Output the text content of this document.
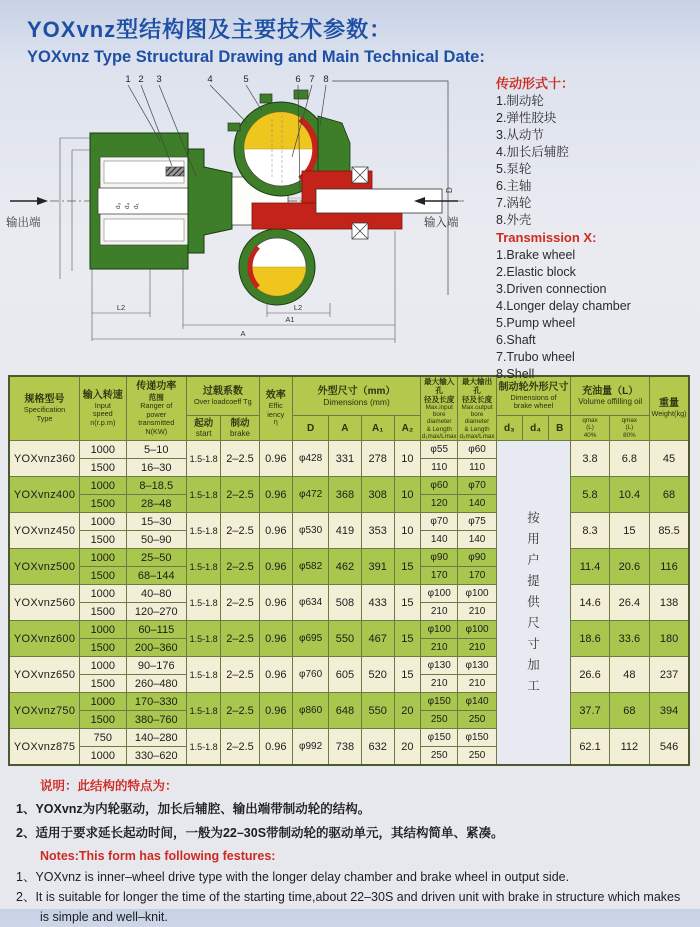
YOXvnz型结构图及主要技术参数：
YOXvnz Type Structural Drawing and Main Technical Date:
1 2 3	4	5	6 7 8
输出端	输入端
d₃ d₄ d₁
D
L2	L2
A1
A
传动形式十：
1.制动轮
2.弹性胶块
3.从动节
4.加长后辅腔
5.泵轮
6.主轴
7.涡轮
8.外壳
Transmission X:
1.Brake wheel
2.Elastic block
3.Driven connection
4.Longer delay chamber
5.Pump wheel
6.Shaft
7.Trubo wheel
8.Shell
规格型号
Specification
Type

输入转速
Input
speed
n(r.p.m)

传递功率
范围
Ranger of
power
transmitted
N(KW)

过载系数
Over loadcoeff Tg

效率
Effic
iency
η

外型尺寸（mm）
Dimensions (mm)

最大输入孔
径及长度
Max.input
bore diameter
& Length
d₁max/Lmax

最大输出孔
径及长度
Max.output
bore diameter
& Length
d₂max/Lmax

制动轮外形尺寸
Dimensions of
brake wheel

充油量（L）
Volume offilling oil	重量
Weight(kg)

起动
start

制动
brake	D	A	A₁	A₂	d₃	d₄	B	
qmax
(L)
40%

qmax
(L)
80%

YOXvnz360	1000	5–10	1.5-1.8	2–2.5	0.96	φ428	331	278	10	φ55	φ60	按用户提供尺寸加工			3.8	6.8	45
	1500	16–30								110	110						
YOXvnz400	1000	8–18.5	1.5-1.8	2–2.5	0.96	φ472	368	308	10	φ60	φ70				5.8	10.4	68
	1500	28–48								120	140						
YOXvnz450	1000	15–30	1.5-1.8	2–2.5	0.96	φ530	419	353	10	φ70	φ75				8.3	15	85.5
	1500	50–90								140	140						
YOXvnz500	1000	25–50	1.5-1.8	2–2.5	0.96	φ582	462	391	15	φ90	φ90				11.4	20.6	116
	1500	68–144								170	170						
YOXvnz560	1000	40–80	1.5-1.8	2–2.5	0.96	φ634	508	433	15	φ100	φ100				14.6	26.4	138
	1500	120–270								210	210						
YOXvnz600	1000	60–115	1.5-1.8	2–2.5	0.96	φ695	550	467	15	φ100	φ100				18.6	33.6	180
	1500	200–360								210	210						
YOXvnz650	1000	90–176	1.5-1.8	2–2.5	0.96	φ760	605	520	15	φ130	φ130				26.6	48	237
	1500	260–480								210	210						
YOXvnz750	1000	170–330	1.5-1.8	2–2.5	0.96	φ860	648	550	20	φ150	φ140				37.7	68	394
	1500	380–760								250	250						
YOXvnz875	750	140–280	1.5-1.8	2–2.5	0.96	φ992	738	632	20	φ150	φ150				62.1	112	546
	1000	330–620								250	250						
说明：此结构的特点为：
1、YOXvnz为内轮驱动，加长后辅腔、输出端带制动轮的结构。
2、适用于要求延长起动时间，一般为22–30S带制动轮的驱动单元，其结构简单、紧凑。
Notes:This form has following festures:
1、YOXvnz is inner–wheel drive type with the longer delay chamber and brake wheel in output side.
2、It is suitable for longer the time of the starting time,about 22–30S and driven unit with brake in structure which makes is simple and well–knit.
